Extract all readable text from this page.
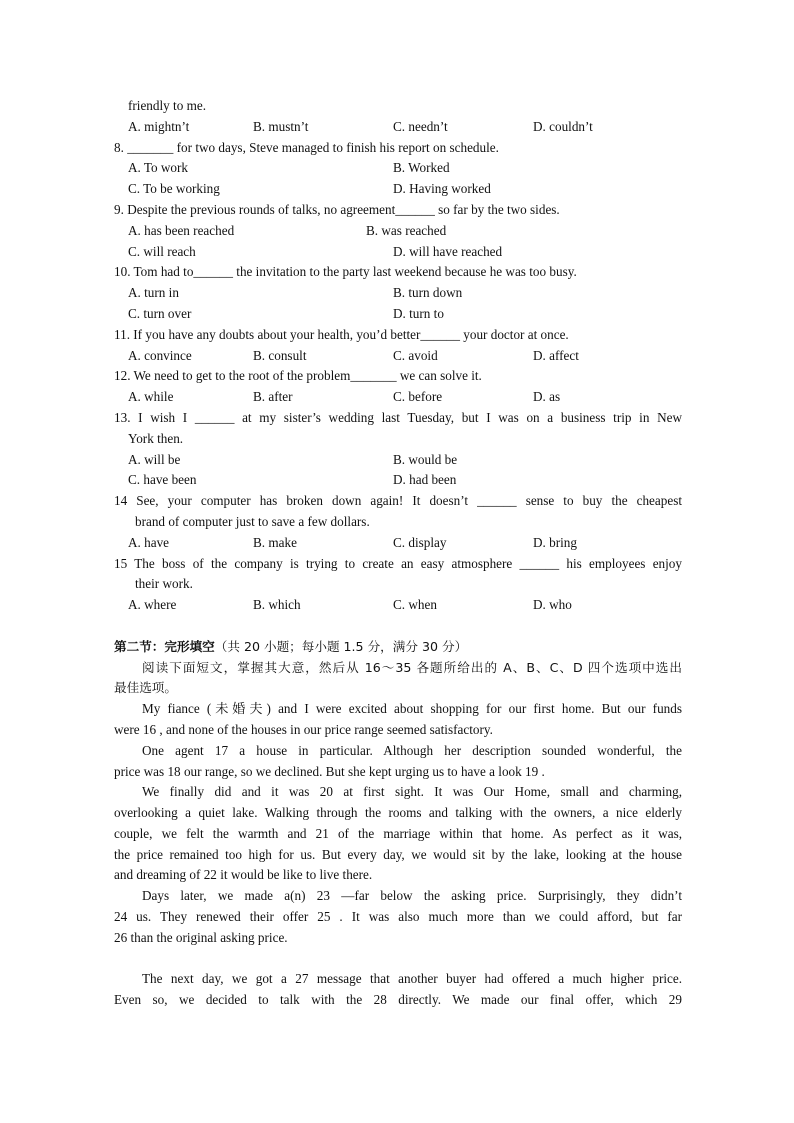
friendly to me.
A. mightn’t	B. mustn’t	C. needn’t	D. couldn’t
8. _______ for two days, Steve managed to finish his report on schedule.
A. To work	B. Worked
C. To be working	D. Having worked
9. Despite the previous rounds of talks, no agreement______ so far by the two sides.
A. has been reached	B. was reached
C. will reach	D. will have reached
10. Tom had to______ the invitation to the party last weekend because he was too busy.
A. turn in	B. turn down
C. turn over	D. turn to
11. If you have any doubts about your health, you’d better______ your doctor at once.
A. convince	B. consult	C. avoid	D. affect
12. We need to get to the root of the problem_______ we can solve it.
A. while	B. after	C. before	D. as
13. I wish I ______ at my sister’s wedding last Tuesday, but I was on a business trip in New
York then.
A. will be	B. would be
C. have been	D. had been
14 See, your computer has broken down again! It doesn’t ______ sense to buy the cheapest
brand of computer just to save a few dollars.
A. have	B. make	C. display	D. bring
15 The boss of the company is trying to create an easy atmosphere ______ his employees enjoy
their work.
A. where	B. which	C. when	D. who
第二节：完形填空（共 20 小题；每小题 1.5 分，满分 30 分）
阅读下面短文，掌握其大意，然后从 16～35 各题所给出的 A、B、C、D 四个选项中选出
最佳选项。
My fiance (未婚夫) and I were excited about shopping for our first home. But our funds
were 16 , and none of the houses in our price range seemed satisfactory.
One agent 17 a house in particular. Although her description sounded wonderful, the
price was 18 our range, so we declined. But she kept urging us to have a look 19 .
We finally did and it was 20 at first sight. It was Our Home, small and charming,
overlooking a quiet lake. Walking through the rooms and talking with the owners, a nice elderly
couple, we felt the warmth and 21 of the marriage within that home. As perfect as it was,
the price remained too high for us. But every day, we would sit by the lake, looking at the house
and dreaming of 22 it would be like to live there.
Days later, we made a(n) 23 —far below the asking price. Surprisingly, they didn’t
24 us. They renewed their offer 25 . It was also much more than we could afford, but far
26 than the original asking price.
The next day, we got a 27 message that another buyer had offered a much higher price.
Even so, we decided to talk with the 28 directly. We made our final offer, which 29
